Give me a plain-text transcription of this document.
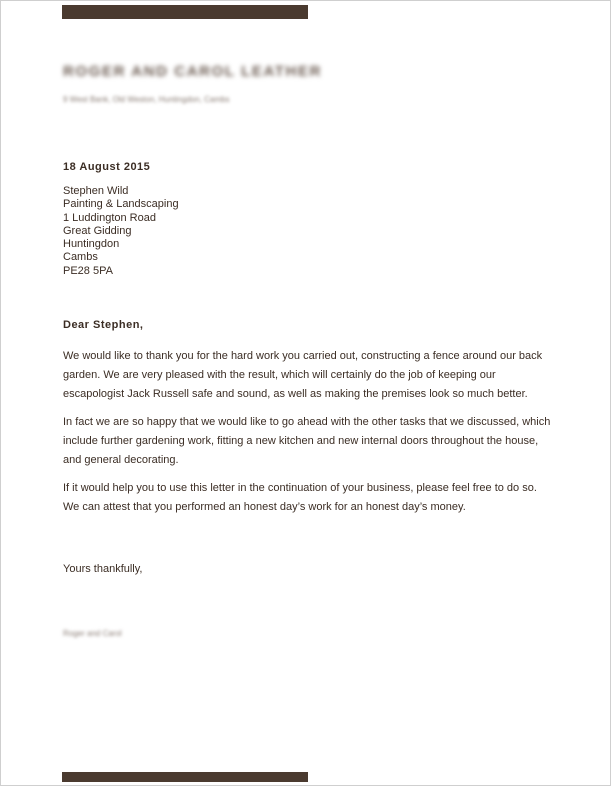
ROGER AND CAROL LEATHER
9 West Bank, Old Weston, Huntingdon, Cambs
18 August 2015
Stephen Wild
Painting & Landscaping
1 Luddington Road
Great Gidding
Huntingdon
Cambs
PE28 5PA
Dear Stephen,

We would like to thank you for the hard work you carried out, constructing a fence around our back garden. We are very pleased with the result, which will certainly do the job of keeping our escapologist Jack Russell safe and sound, as well as making the premises look so much better.

In fact we are so happy that we would like to go ahead with the other tasks that we discussed, which include further gardening work, fitting a new kitchen and new internal doors throughout the house, and general decorating.

If it would help you to use this letter in the continuation of your business, please feel free to do so. We can attest that you performed an honest day’s work for an honest day’s money.

Yours thankfully,
Roger and Carol
